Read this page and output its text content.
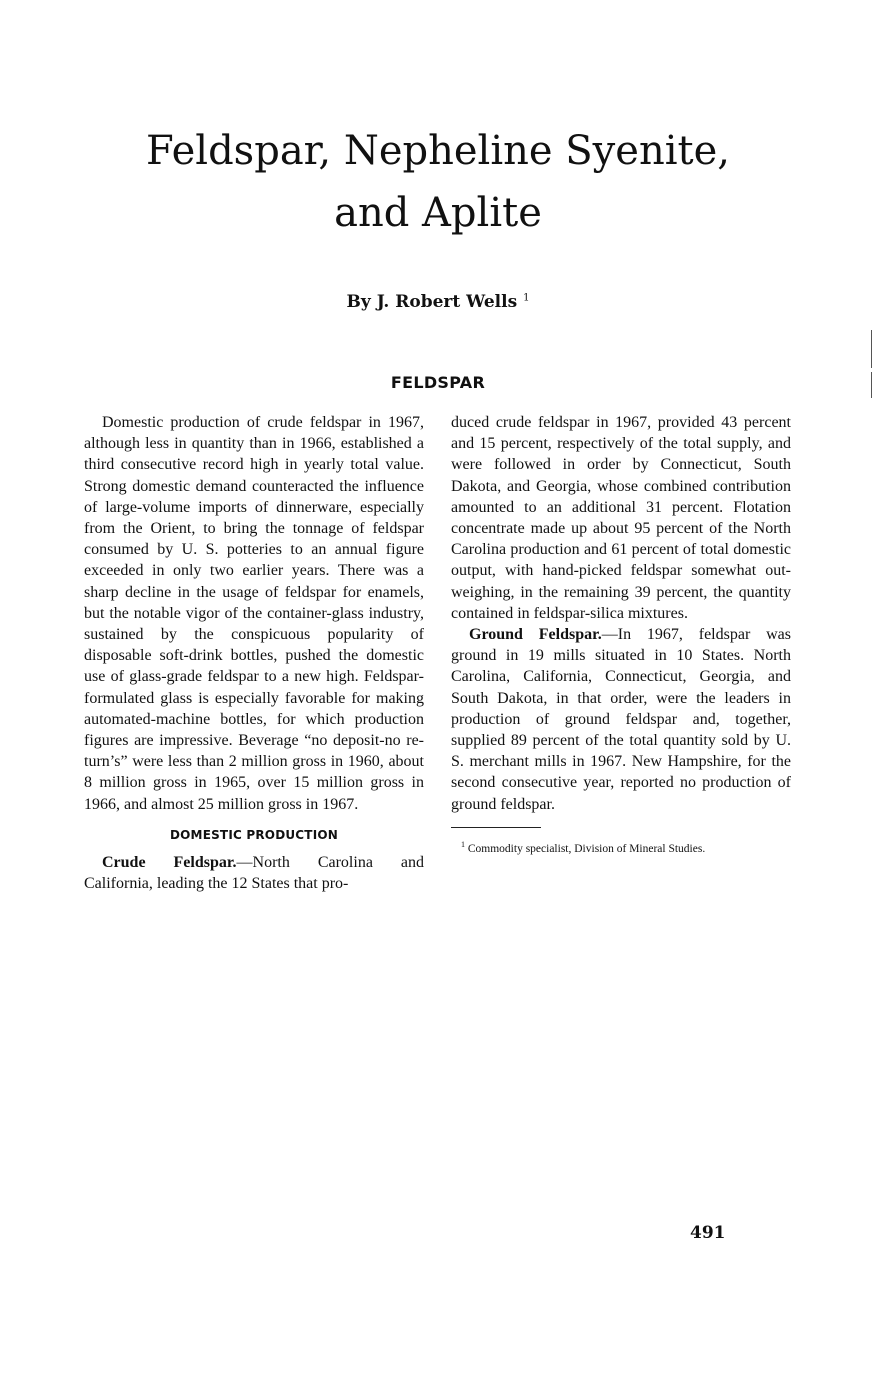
Feldspar, Nepheline Syenite,
and Aplite
By J. Robert Wells $^1$
FELDSPAR

Domestic production of crude feldspar in 1967, although less in quantity than in 1966, established a third consecutive record high in yearly total value. Strong domestic demand counteracted the influence of large-volume imports of dinnerware, especially from the Orient, to bring the tonnage of feldspar consumed by U. S. potteries to an annual figure exceeded in only two earlier years. There was a sharp decline in the usage of feldspar for enamels, but the notable vigor of the container-glass industry, sustained by the conspicuous popularity of disposable soft-drink bottles, pushed the domestic use of glass-grade feldspar to a new high. Feldspar-formulated glass is especially favorable for making automated-machine bottles, for which production figures are impressive. Beverage “no deposit-no return’s” were less than 2 million gross in 1960, about 8 million gross in 1965, over 15 million gross in 1966, and almost 25 million gross in 1967.

DOMESTIC PRODUCTION

Crude Feldspar.—North Carolina and California, leading the 12 States that pro-

duced crude feldspar in 1967, provided 43 percent and 15 percent, respectively of the total supply, and were followed in order by Connecticut, South Dakota, and Georgia, whose combined contribution amounted to an additional 31 percent. Flotation concentrate made up about 95 percent of the North Carolina production and 61 percent of total domestic output, with hand-picked feldspar somewhat outweighing, in the remaining 39 percent, the quantity contained in feldspar-silica mixtures.

Ground Feldspar.—In 1967, feldspar was ground in 19 mills situated in 10 States. North Carolina, California, Connecticut, Georgia, and South Dakota, in that order, were the leaders in production of ground feldspar and, together, supplied 89 percent of the total quantity sold by U. S. merchant mills in 1967. New Hampshire, for the second consecutive year, reported no production of ground feldspar.

$^1$ Commodity specialist, Division of Mineral Studies.

491
